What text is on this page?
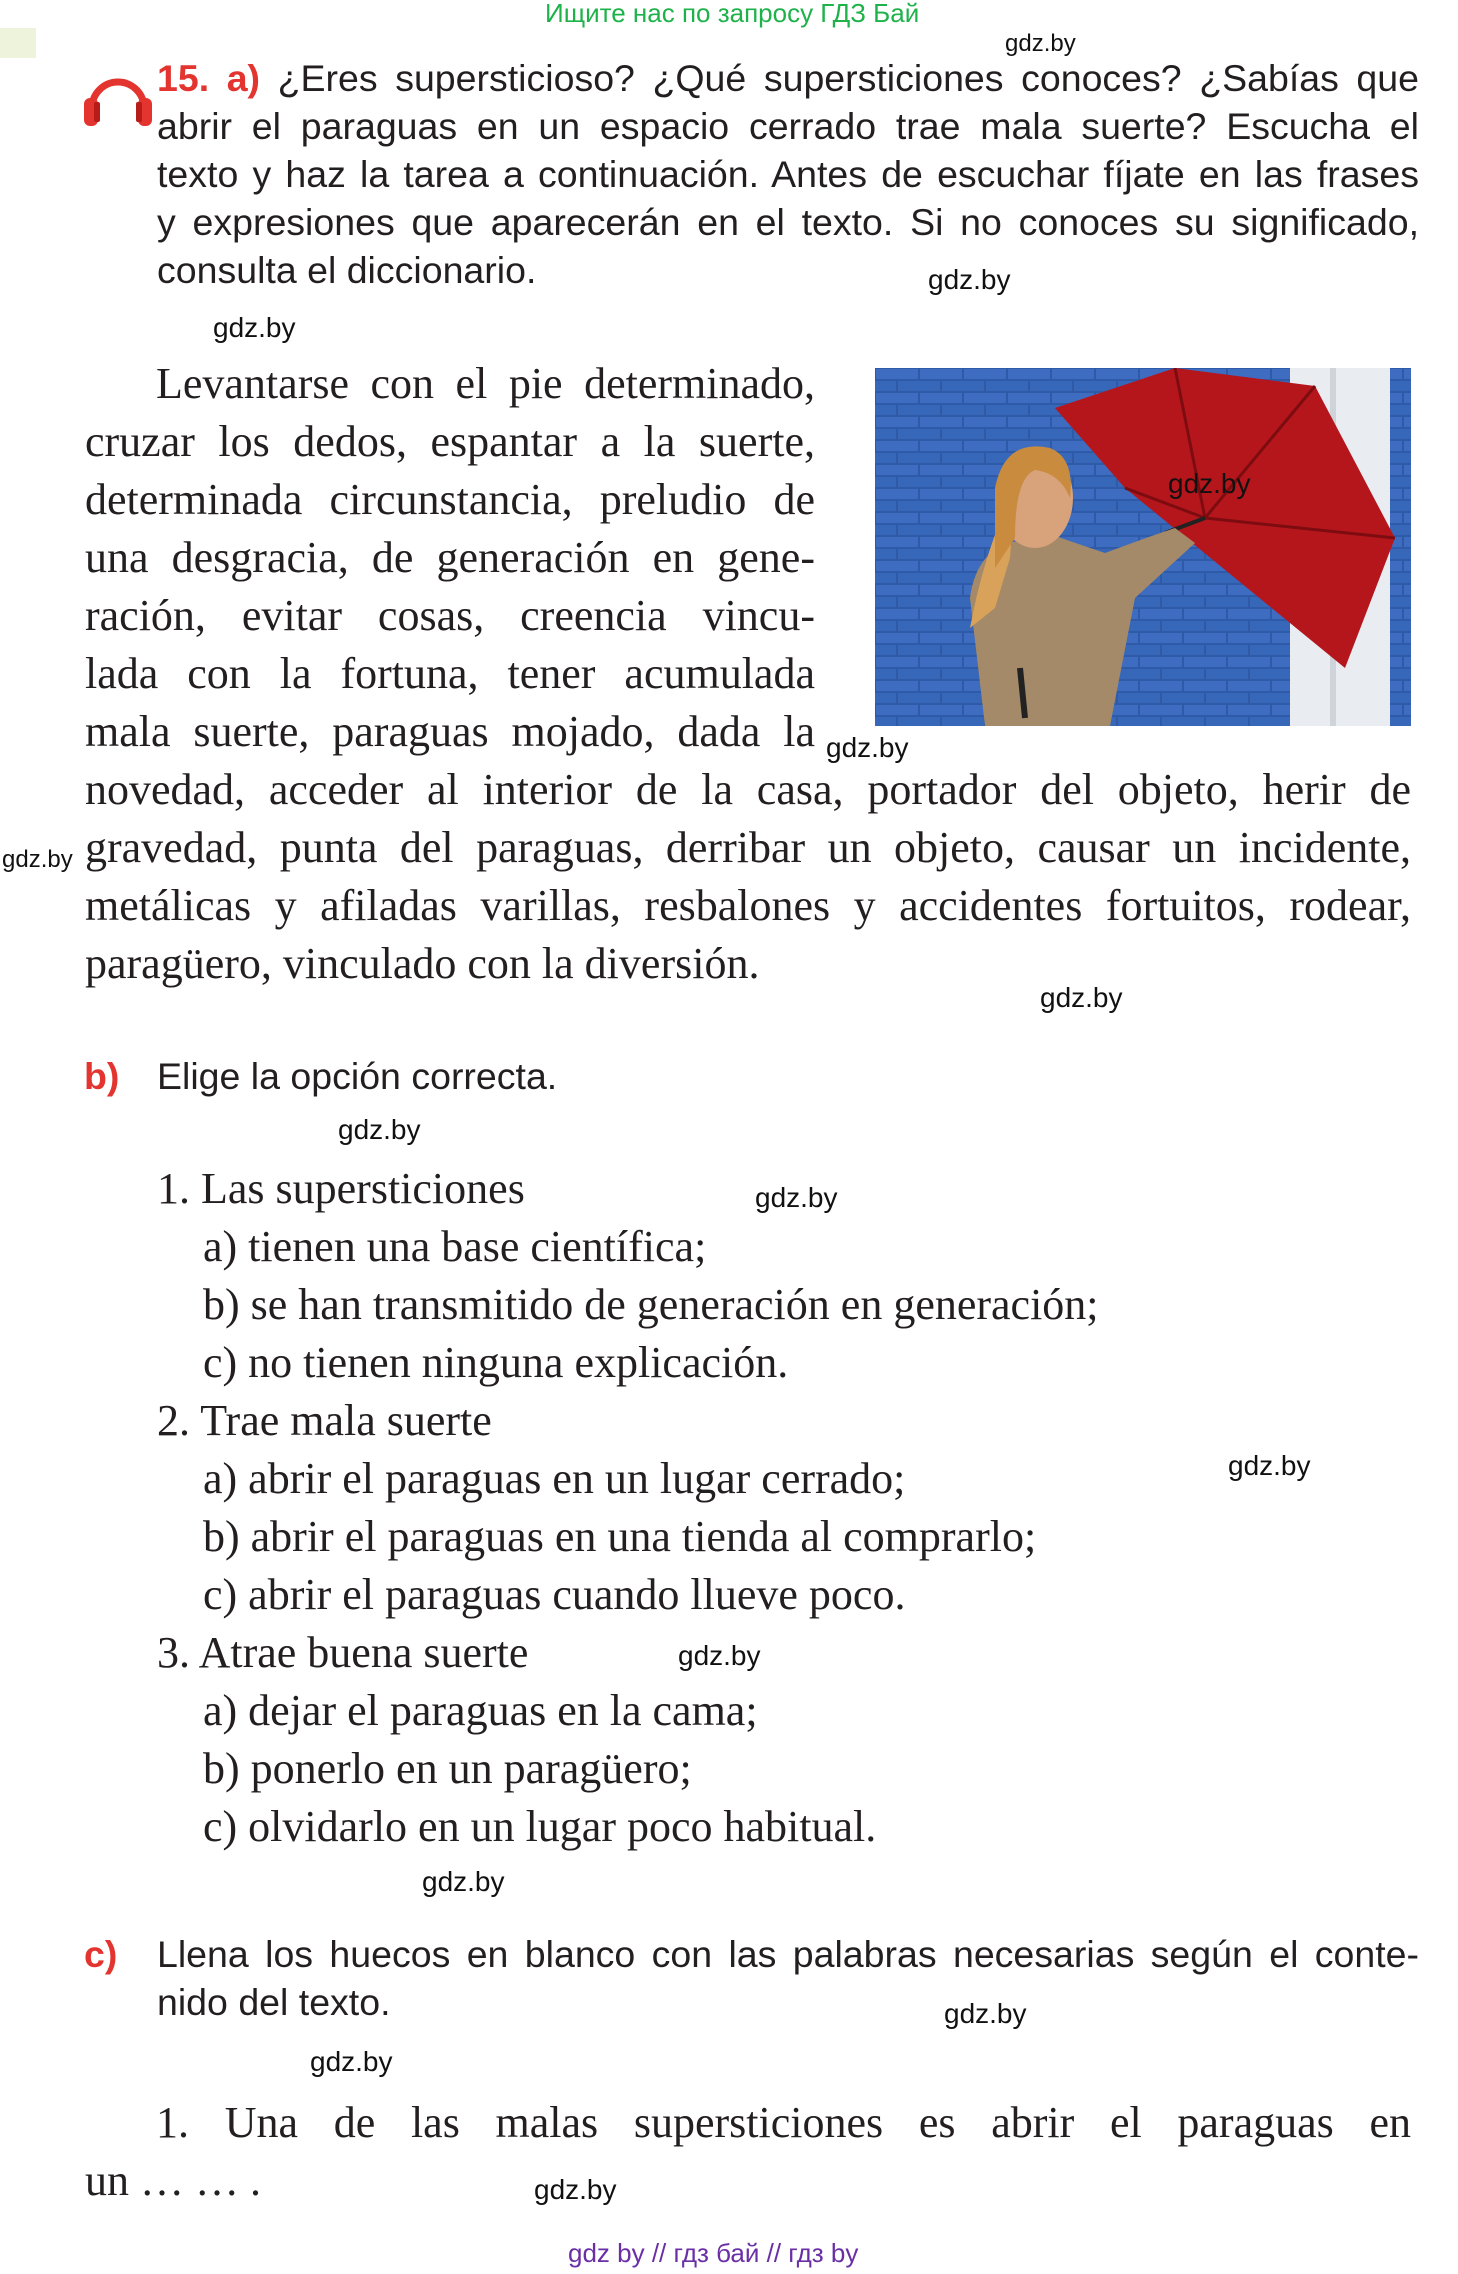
Ищите нас по запросу ГДЗ Бай
15. а) ¿Eres supersticioso? ¿Qué supersticiones conoces? ¿Sabías que
abrir el paraguas en un espacio cerrado trae mala suerte? Escucha el
texto y haz la tarea a continuación. Antes de escuchar fíjate en las frases
y expresiones que aparecerán en el texto. Si no conoces su significado,
consulta el diccionario.
Levantarse con el pie determinado,
cruzar los dedos, espantar a la suerte,
determinada circunstancia, preludio de
una desgracia, de generación en gene-
ración, evitar cosas, creencia vincu-
lada con la fortuna, tener acumulada
mala suerte, paraguas mojado, dada la
novedad, acceder al interior de la casa, portador del objeto, herir de
gravedad, punta del paraguas, derribar un objeto, causar un incidente,
metálicas y afiladas varillas, resbalones y accidentes fortuitos, rodear,
paragüero, vinculado con la diversión.
b) Elige la opción correcta.
1. Las supersticiones
a) tienen una base científica;
b) se han transmitido de generación en generación;
c) no tienen ninguna explicación.
2. Trae mala suerte
a) abrir el paraguas en un lugar cerrado;
b) abrir el paraguas en una tienda al comprarlo;
c) abrir el paraguas cuando llueve poco.
3. Atrae buena suerte
a) dejar el paraguas en la cama;
b) ponerlo en un paragüero;
c) olvidarlo en un lugar poco habitual.
c) Llena los huecos en blanco con las palabras necesarias según el conte-
nido del texto.
1. Una de las malas supersticiones es abrir el paraguas en
un … … .
gdz.by
gdz.by
gdz.by
gdz.by
gdz.by
gdz.by
gdz.by
gdz.by
gdz.by
gdz.by
gdz.by
gdz.by
gdz.by
gdz.by
gdz.by
gdz by // гдз бай // гдз by
